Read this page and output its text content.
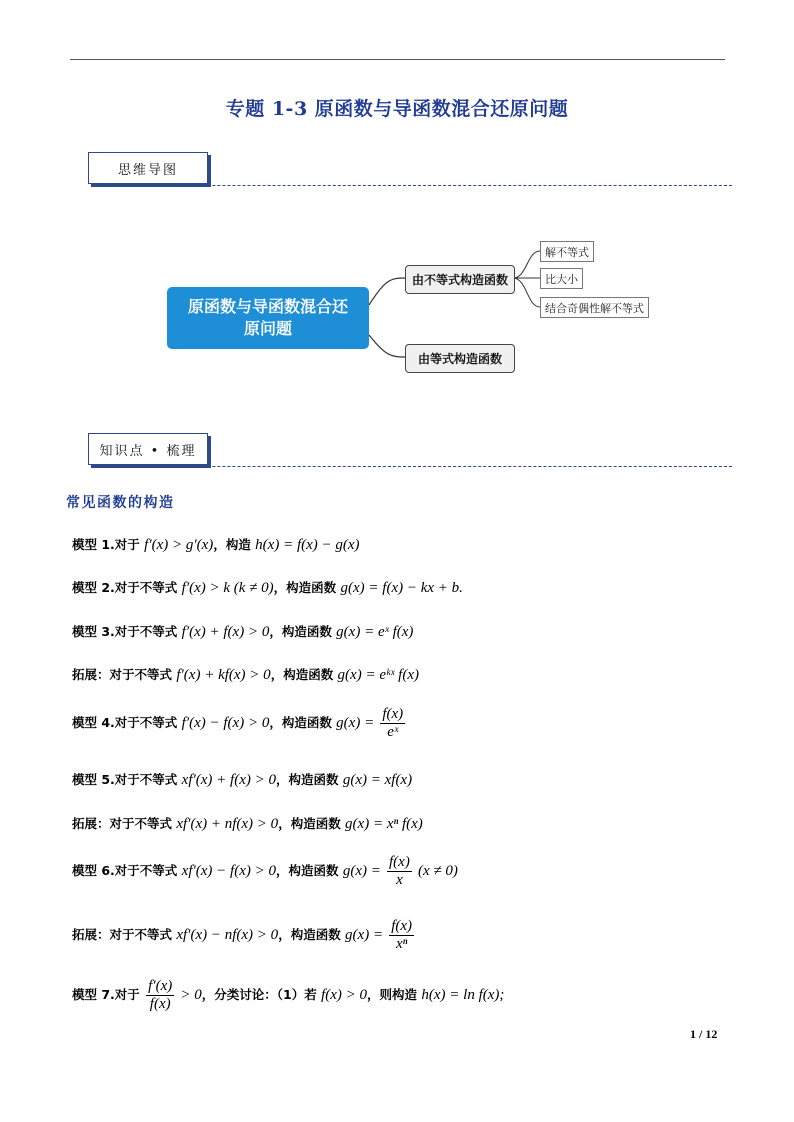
专题 1-3 原函数与导函数混合还原问题
思维导图
原函数与导函数混合还原问题
由不等式构造函数
由等式构造函数
解不等式
比大小
结合奇偶性解不等式
知识点 • 梳理
常见函数的构造
模型 1.对于 f′(x) > g′(x)，构造 h(x) = f(x) − g(x)
模型 2.对于不等式 f′(x) > k (k ≠ 0)，构造函数 g(x) = f(x) − kx + b.
模型 3.对于不等式 f′(x) + f(x) > 0，构造函数 g(x) = eˣ f(x)
拓展：对于不等式 f′(x) + kf(x) > 0，构造函数 g(x) = eᵏˣ f(x)
模型 4.对于不等式 f′(x) − f(x) > 0，构造函数 $g(x) = \frac{f(x)}{\text{eˣ}}$
模型 5.对于不等式 xf′(x) + f(x) > 0，构造函数 g(x) = xf(x)
拓展：对于不等式 xf′(x) + nf(x) > 0，构造函数 g(x) = xⁿ f(x)
模型 6.对于不等式 xf′(x) − f(x) > 0，构造函数 $g(x) = \frac{f(x)}{x} (x \ne 0)$
拓展：对于不等式 xf′(x) − nf(x) > 0，构造函数 $g(x) = \frac{f(x)}{\text{xⁿ}}$
模型 7.对于 $\frac{f'(x)}{f(x)} > 0$，分类讨论：（1）若 f(x) > 0，则构造 h(x) = ln f(x);
1 / 12
